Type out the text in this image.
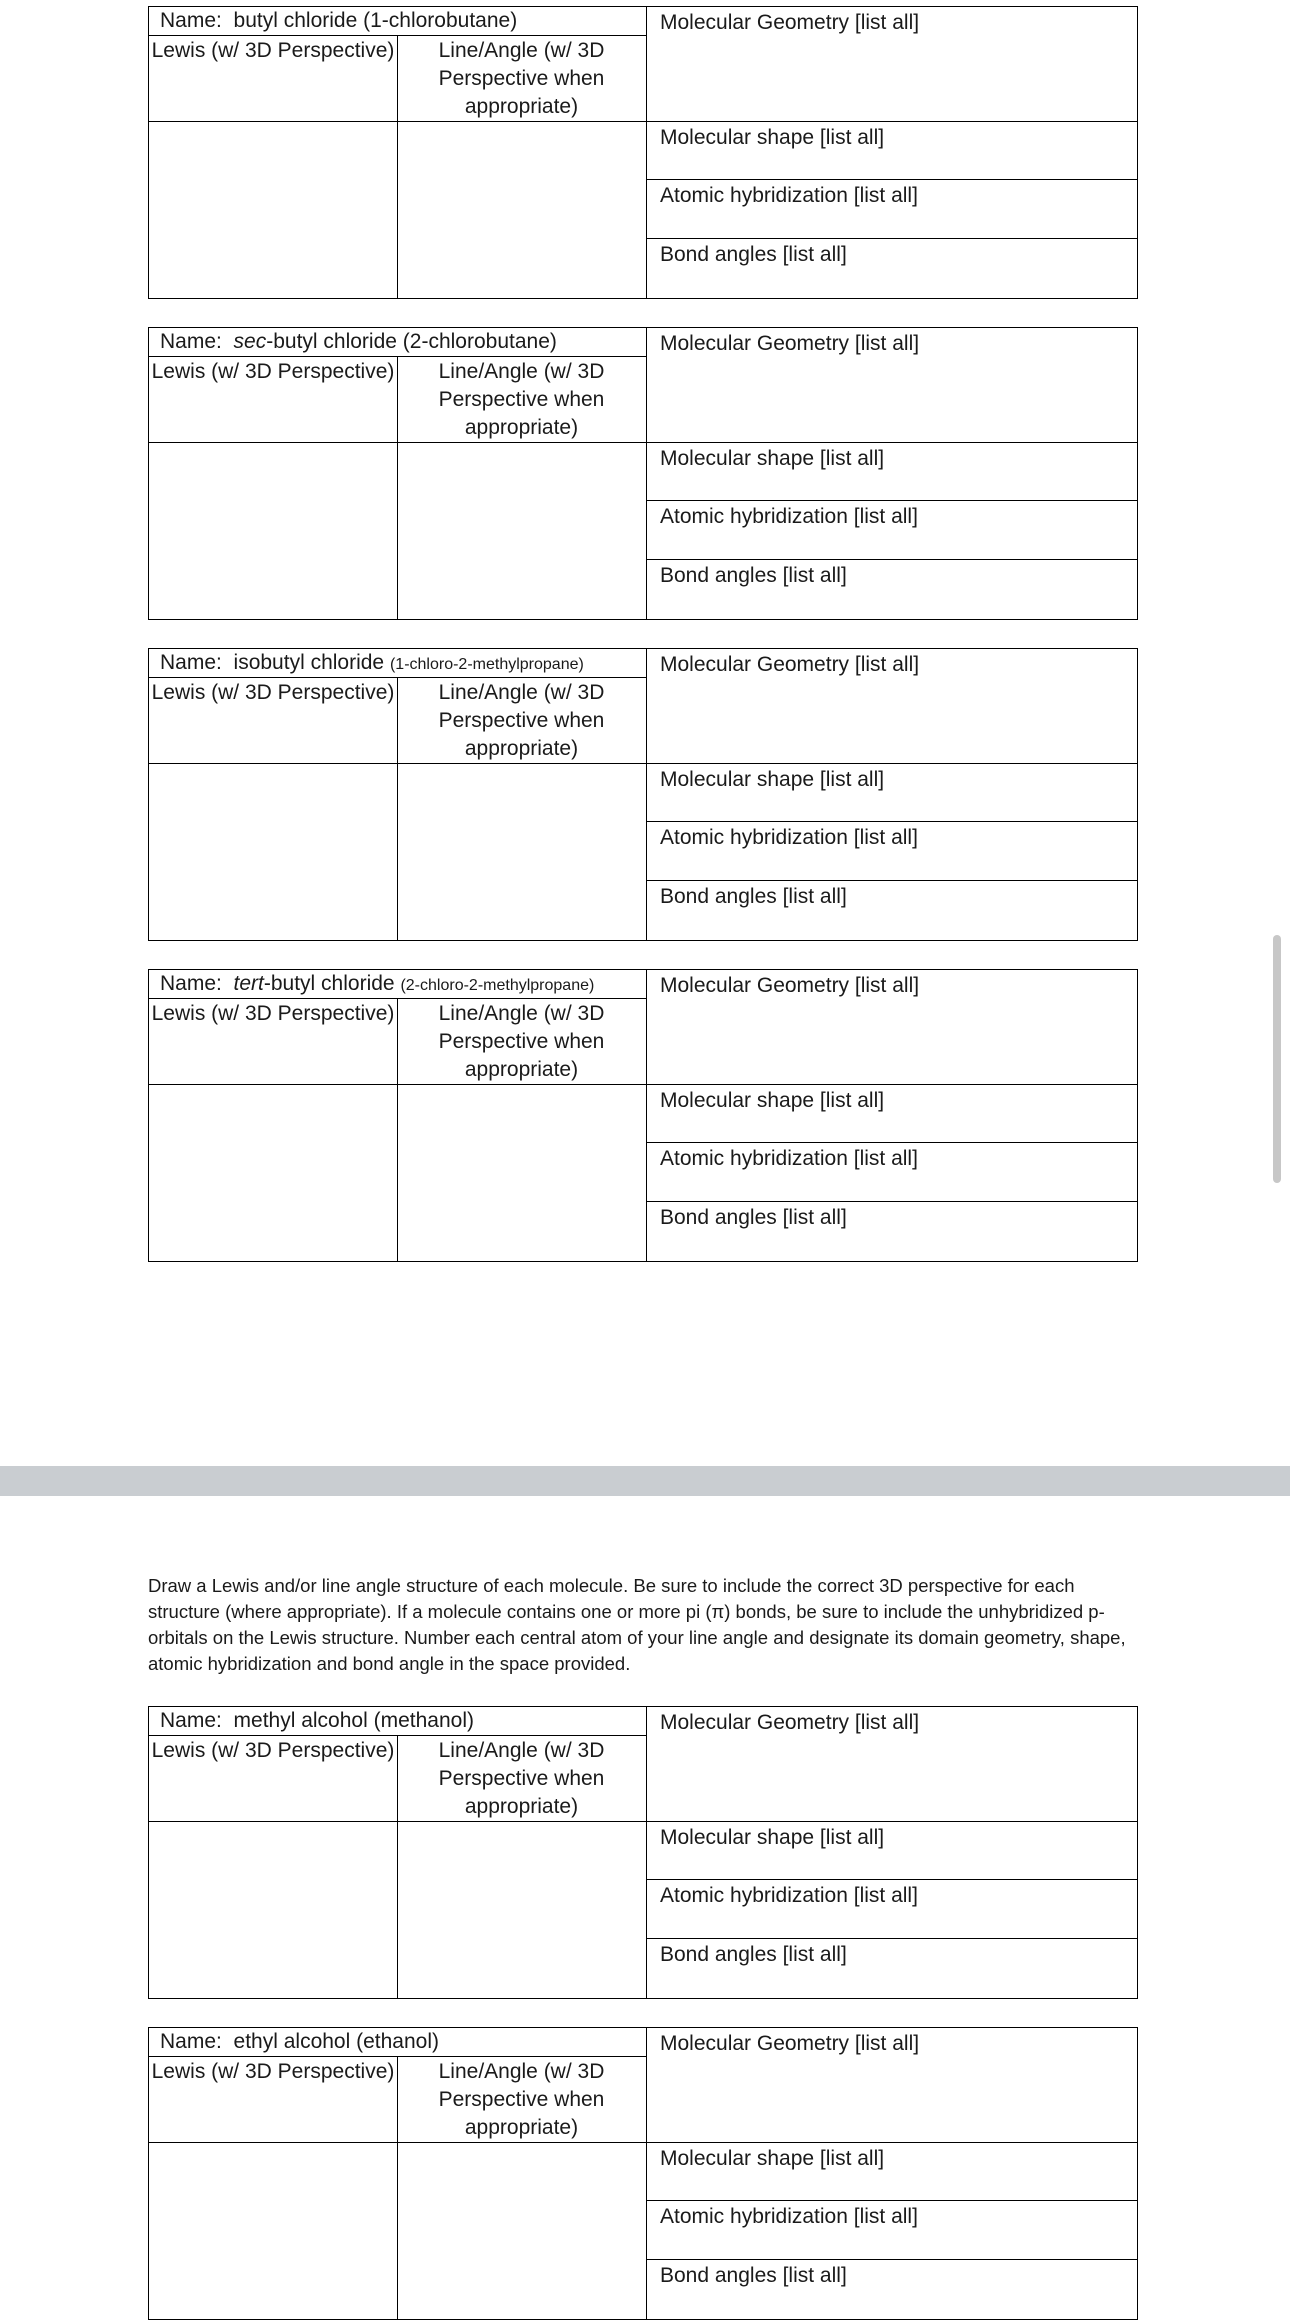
Name: butyl chloride (1-chlorobutane)
Lewis (w/ 3D Perspective)	Line/Angle (w/ 3D Perspective when appropriate)
Molecular Geometry [list all]
Molecular shape [list all]
Atomic hybridization [list all]
Bond angles [list all]
Name: sec-butyl chloride (2-chlorobutane)
Lewis (w/ 3D Perspective)	Line/Angle (w/ 3D Perspective when appropriate)
Molecular Geometry [list all]
Molecular shape [list all]
Atomic hybridization [list all]
Bond angles [list all]
Name: isobutyl chloride (1-chloro-2-methylpropane)
Lewis (w/ 3D Perspective)	Line/Angle (w/ 3D Perspective when appropriate)
Molecular Geometry [list all]
Molecular shape [list all]
Atomic hybridization [list all]
Bond angles [list all]
Name: tert-butyl chloride (2-chloro-2-methylpropane)
Lewis (w/ 3D Perspective)	Line/Angle (w/ 3D Perspective when appropriate)
Molecular Geometry [list all]
Molecular shape [list all]
Atomic hybridization [list all]
Bond angles [list all]
Draw a Lewis and/or line angle structure of each molecule. Be sure to include the correct 3D perspective for each structure (where appropriate). If a molecule contains one or more pi (π) bonds, be sure to include the unhybridized p-orbitals on the Lewis structure. Number each central atom of your line angle and designate its domain geometry, shape, atomic hybridization and bond angle in the space provided.
Name: methyl alcohol (methanol)
Lewis (w/ 3D Perspective)	Line/Angle (w/ 3D Perspective when appropriate)
Molecular Geometry [list all]
Molecular shape [list all]
Atomic hybridization [list all]
Bond angles [list all]
Name: ethyl alcohol (ethanol)
Lewis (w/ 3D Perspective)	Line/Angle (w/ 3D Perspective when appropriate)
Molecular Geometry [list all]
Molecular shape [list all]
Atomic hybridization [list all]
Bond angles [list all]
